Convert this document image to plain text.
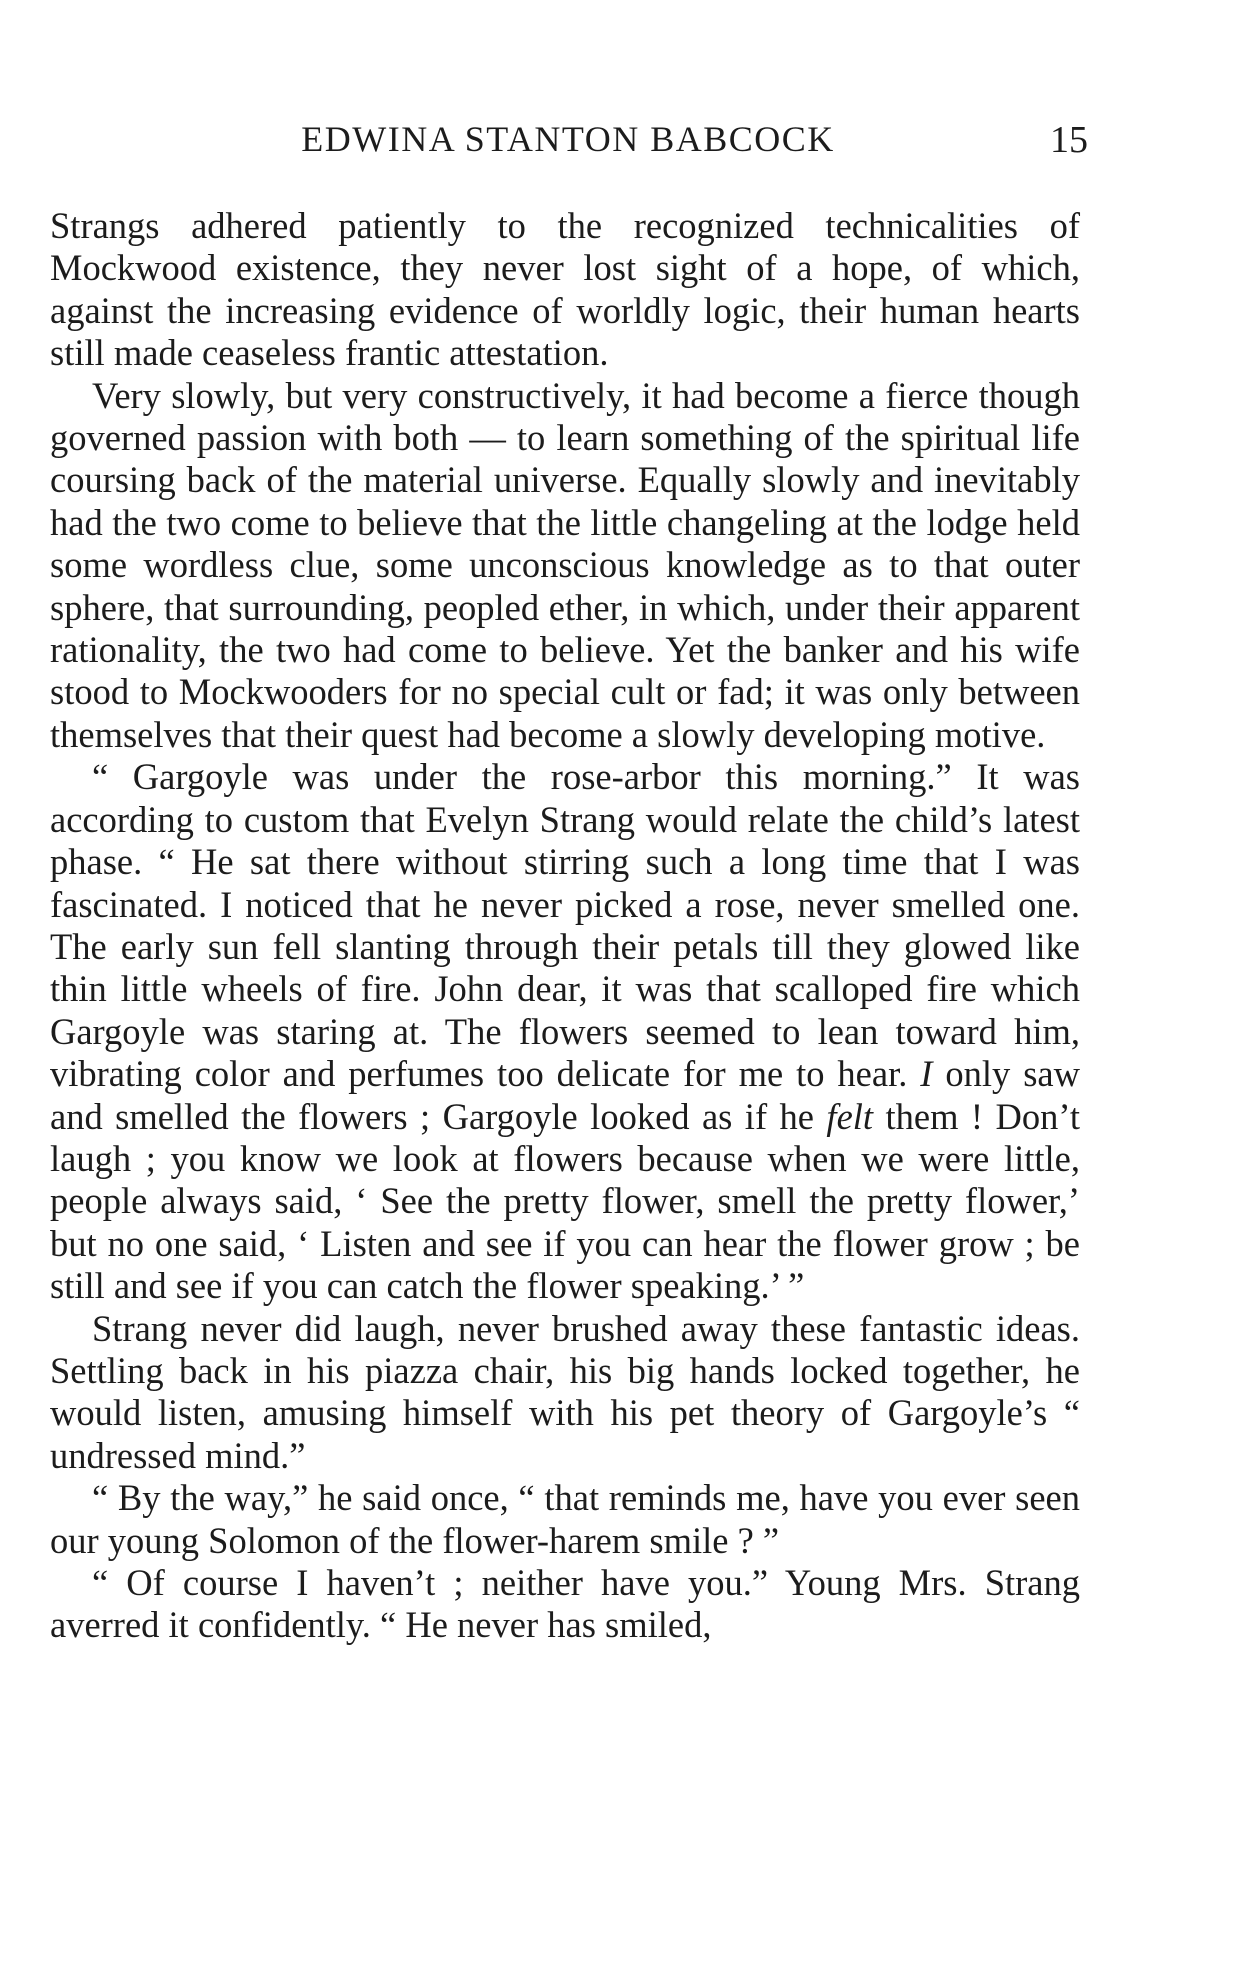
EDWINA STANTON BABCOCK	15

Strangs adhered patiently to the recognized technicalities of Mockwood existence, they never lost sight of a hope, of which, against the increasing evidence of worldly logic, their human hearts still made ceaseless frantic attestation.

Very slowly, but very constructively, it had become a fierce though governed passion with both — to learn something of the spiritual life coursing back of the material universe. Equally slowly and inevitably had the two come to believe that the little changeling at the lodge held some wordless clue, some unconscious knowledge as to that outer sphere, that surrounding, peopled ether, in which, under their apparent rationality, the two had come to believe. Yet the banker and his wife stood to Mockwooders for no special cult or fad; it was only between themselves that their quest had become a slowly developing motive.

“ Gargoyle was under the rose-arbor this morning.” It was according to custom that Evelyn Strang would relate the child’s latest phase. “ He sat there without stirring such a long time that I was fascinated. I noticed that he never picked a rose, never smelled one. The early sun fell slanting through their petals till they glowed like thin little wheels of fire. John dear, it was that scalloped fire which Gargoyle was staring at. The flowers seemed to lean toward him, vibrating color and perfumes too delicate for me to hear. I only saw and smelled the flowers ; Gargoyle looked as if he felt them ! Don’t laugh ; you know we look at flowers because when we were little, people always said, ‘ See the pretty flower, smell the pretty flower,’ but no one said, ‘ Listen and see if you can hear the flower grow ; be still and see if you can catch the flower speaking.’ ”

Strang never did laugh, never brushed away these fantastic ideas. Settling back in his piazza chair, his big hands locked together, he would listen, amusing himself with his pet theory of Gargoyle’s “ undressed mind.”

“ By the way,” he said once, “ that reminds me, have you ever seen our young Solomon of the flower-harem smile ? ”

“ Of course I haven’t ; neither have you.” Young Mrs. Strang averred it confidently. “ He never has smiled,
